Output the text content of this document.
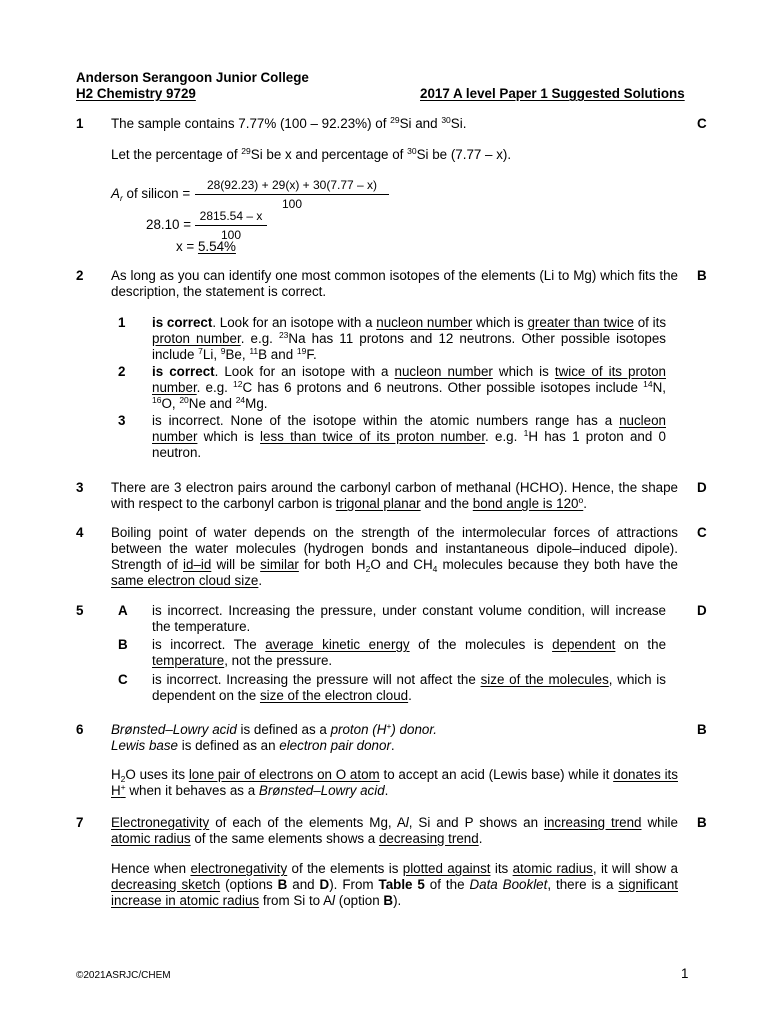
Anderson Serangoon Junior College
H2 Chemistry 9729	2017 A level Paper 1 Suggested Solutions
1	C
The sample contains 7.77% (100 – 92.23%) of $^{29}$Si and $^{30}$Si.
Let the percentage of $^{29}$Si be x and percentage of $^{30}$Si be (7.77 – x).
$A_r$ of silicon =
28(92.23) + 29(x) + 30(7.77 – x)
100
28.10 =
2815.54 – x
100
x = 5.54%
2	B
As long as you can identify one most common isotopes of the elements (Li to Mg) which fits the description, the statement is correct.
1 is correct. Look for an isotope with a nucleon number which is greater than twice of its proton number. e.g. $^{23}$Na has 11 protons and 12 neutrons. Other possible isotopes include $^7$Li, $^9$Be, $^{11}$B and $^{19}$F.
2 is correct. Look for an isotope with a nucleon number which is twice of its proton number. e.g. $^{12}$C has 6 protons and 6 neutrons. Other possible isotopes include $^{14}$N, $^{16}$O, $^{20}$Ne and $^{24}$Mg.
3 is incorrect. None of the isotope within the atomic numbers range has a nucleon number which is less than twice of its proton number. e.g. $^1$H has 1 proton and 0 neutron.
3	D
There are 3 electron pairs around the carbonyl carbon of methanal (HCHO). Hence, the shape with respect to the carbonyl carbon is trigonal planar and the bond angle is 120$^o$.
4	C
Boiling point of water depends on the strength of the intermolecular forces of attractions between the water molecules (hydrogen bonds and instantaneous dipole–induced dipole). Strength of id–id will be similar for both $H_2O$ and $CH_4$ molecules because they both have the same electron cloud size.
5	D
A is incorrect. Increasing the pressure, under constant volume condition, will increase the temperature.
B is incorrect. The average kinetic energy of the molecules is dependent on the temperature, not the pressure.
C is incorrect. Increasing the pressure will not affect the size of the molecules, which is dependent on the size of the electron cloud.
6	B
Brønsted–Lowry acid is defined as a proton (H+) donor.
Lewis base is defined as an electron pair donor.
$H_2O$ uses its lone pair of electrons on O atom to accept an acid (Lewis base) while it donates its H+ when it behaves as a Brønsted–Lowry acid.
7	B
Electronegativity of each of the elements Mg, Al, Si and P shows an increasing trend while atomic radius of the same elements shows a decreasing trend.
Hence when electronegativity of the elements is plotted against its atomic radius, it will show a decreasing sketch (options B and D). From Table 5 of the Data Booklet, there is a significant increase in atomic radius from Si to Al (option B).
©2021ASRJC/CHEM	1
